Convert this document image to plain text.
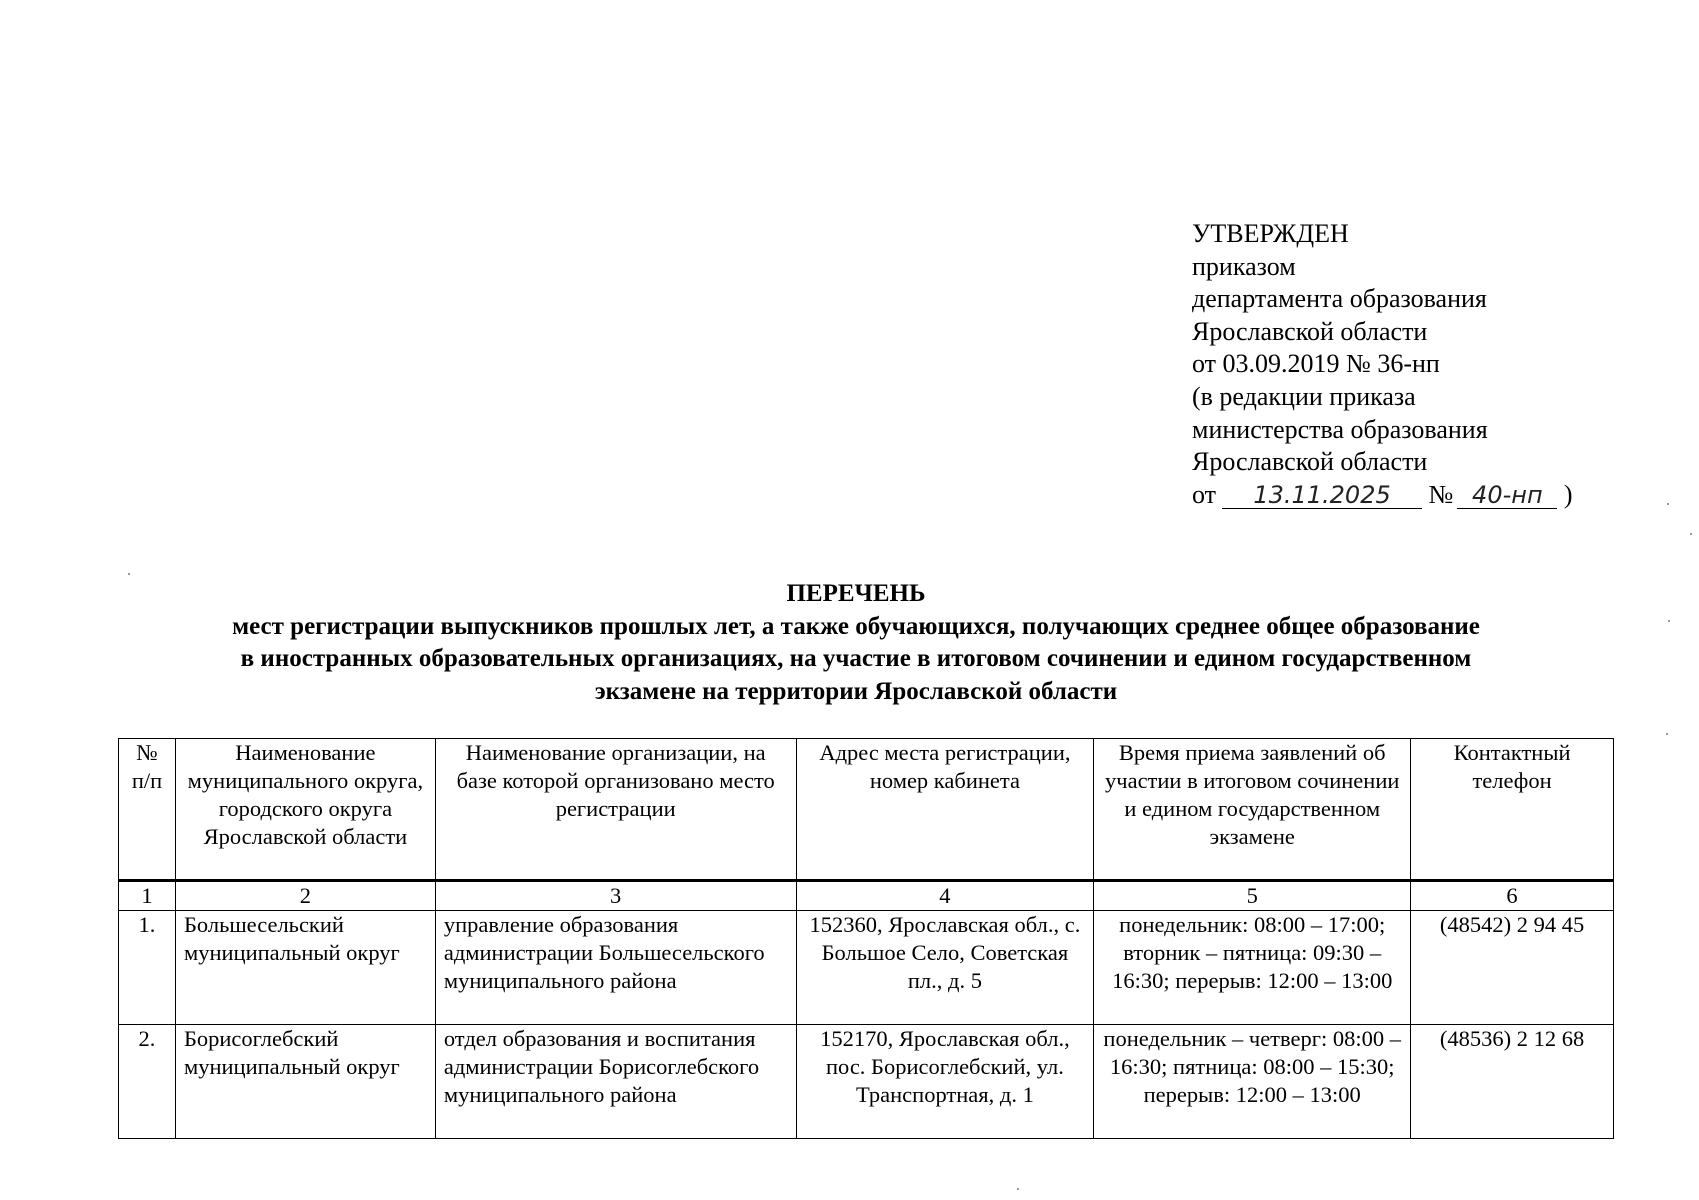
УТВЕРЖДЕН
приказом
департамента образования
Ярославской области
от 03.09.2019 № 36-нп
(в редакции приказа
министерства образования
Ярославской области
от 13.11.2025 № 40-нп )
ПЕРЕЧЕНЬ
мест регистрации выпускников прошлых лет, а также обучающихся, получающих среднее общее образование
в иностранных образовательных организациях, на участие в итоговом сочинении и едином государственном
экзамене на территории Ярославской области
№ п/п	Наименование муниципального округа, городского округа Ярославской области	Наименование организации, на базе которой организовано место регистрации	Адрес места регистрации, номер кабинета	Время приема заявлений об участии в итоговом сочинении и едином государственном экзамене	Контактный телефон
1	2	3	4	5	6
1.	Большесельский муниципальный округ	управление образования администрации Большесельского муниципального района	152360, Ярославская обл., с. Большое Село, Советская пл., д. 5	понедельник: 08:00 – 17:00; вторник – пятница: 09:30 – 16:30; перерыв: 12:00 – 13:00	(48542) 2 94 45
2.	Борисоглебский муниципальный округ	отдел образования и воспитания администрации Борисоглебского муниципального района	152170, Ярославская обл., пос. Борисоглебский, ул. Транспортная, д. 1	понедельник – четверг: 08:00 – 16:30; пятница: 08:00 – 15:30; перерыв: 12:00 – 13:00	(48536) 2 12 68
